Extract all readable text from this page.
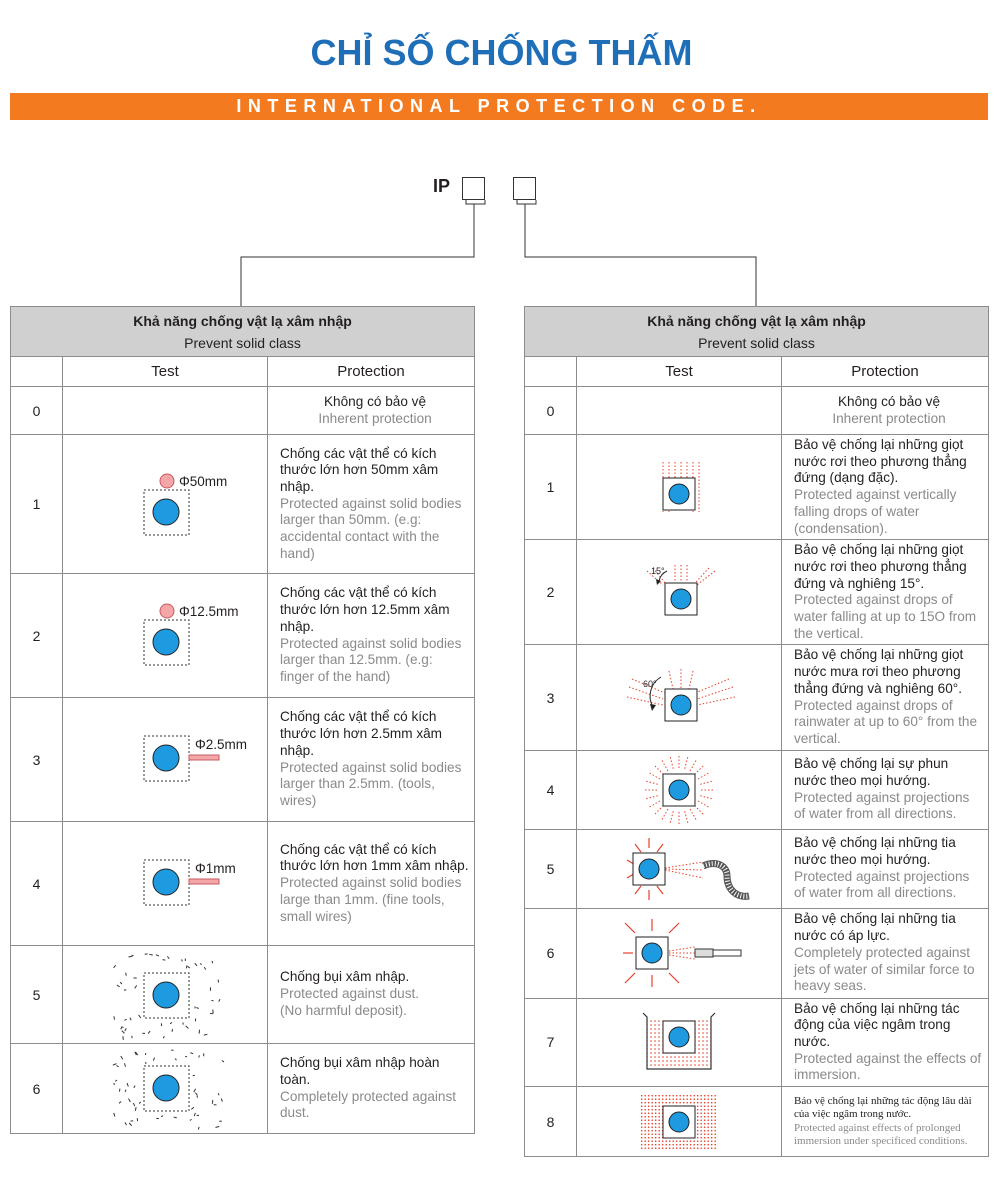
CHỈ SỐ CHỐNG THẤM
INTERNATIONAL PROTECTION CODE.
IP
Khả năng chống vật lạ xâm nhập
Prevent solid class		

	Test	Protection
0		Không có bảo vệ
Inherent protection

1	Φ50mm	Chống các vật thể có kích thước lớn hơn 50mm xâm nhập.
Protected against solid bodies larger than 50mm. (e.g: accidental contact with the hand)

2	Φ12.5mm	Chống các vật thể có kích thước lớn hơn 12.5mm xâm nhập.
Protected against solid bodies larger than 12.5mm. (e.g: finger of the hand)

3	Φ2.5mm	Chống các vật thể có kích thước lớn hơn 2.5mm xâm nhập.
Protected against solid bodies larger than 2.5mm. (tools, wires)

4	Φ1mm	Chống các vật thể có kích thước lớn hơn 1mm xâm nhập.
Protected against solid bodies large than 1mm. (fine tools, small wires)

5		Chống bụi xâm nhập.
Protected against dust.
(No harmful deposit).

6		Chống bụi xâm nhập hoàn toàn.
Completely protected against dust.
Khả năng chống vật lạ xâm nhập
Prevent solid class		

	Test	Protection
0		Không có bảo vệ
Inherent protection

1		Bảo vệ chống lại những giọt nước rơi theo phương thẳng đứng (dạng đặc).
Protected against vertically falling drops of water (condensation).

2	15°	Bảo vệ chống lại những giọt nước rơi theo phương thẳng đứng và nghiêng 15°.
Protected against drops of water falling at up to 15O from the vertical.

3	60°	Bảo vệ chống lại những giọt nước mưa rơi theo phương thẳng đứng và nghiêng 60°.
Protected against drops of rainwater at up to 60° from the vertical.

4		Bảo vệ chống lại sự phun nước theo mọi hướng.
Protected against projections of water from all directions.

5		Bảo vệ chống lại những tia nước theo mọi hướng.
Protected against projections of water from all directions.

6		Bảo vệ chống lại những tia nước có áp lực.
Completely protected against jets of water of similar force to heavy seas.

7		Bảo vệ chống lại những tác động của việc ngâm trong nước.
Protected against the effects of immersion.

8		Bảo vệ chống lại những tác động lâu dài của việc ngâm trong nước.
Protected against effects of prolonged immersion under specificed conditions.
